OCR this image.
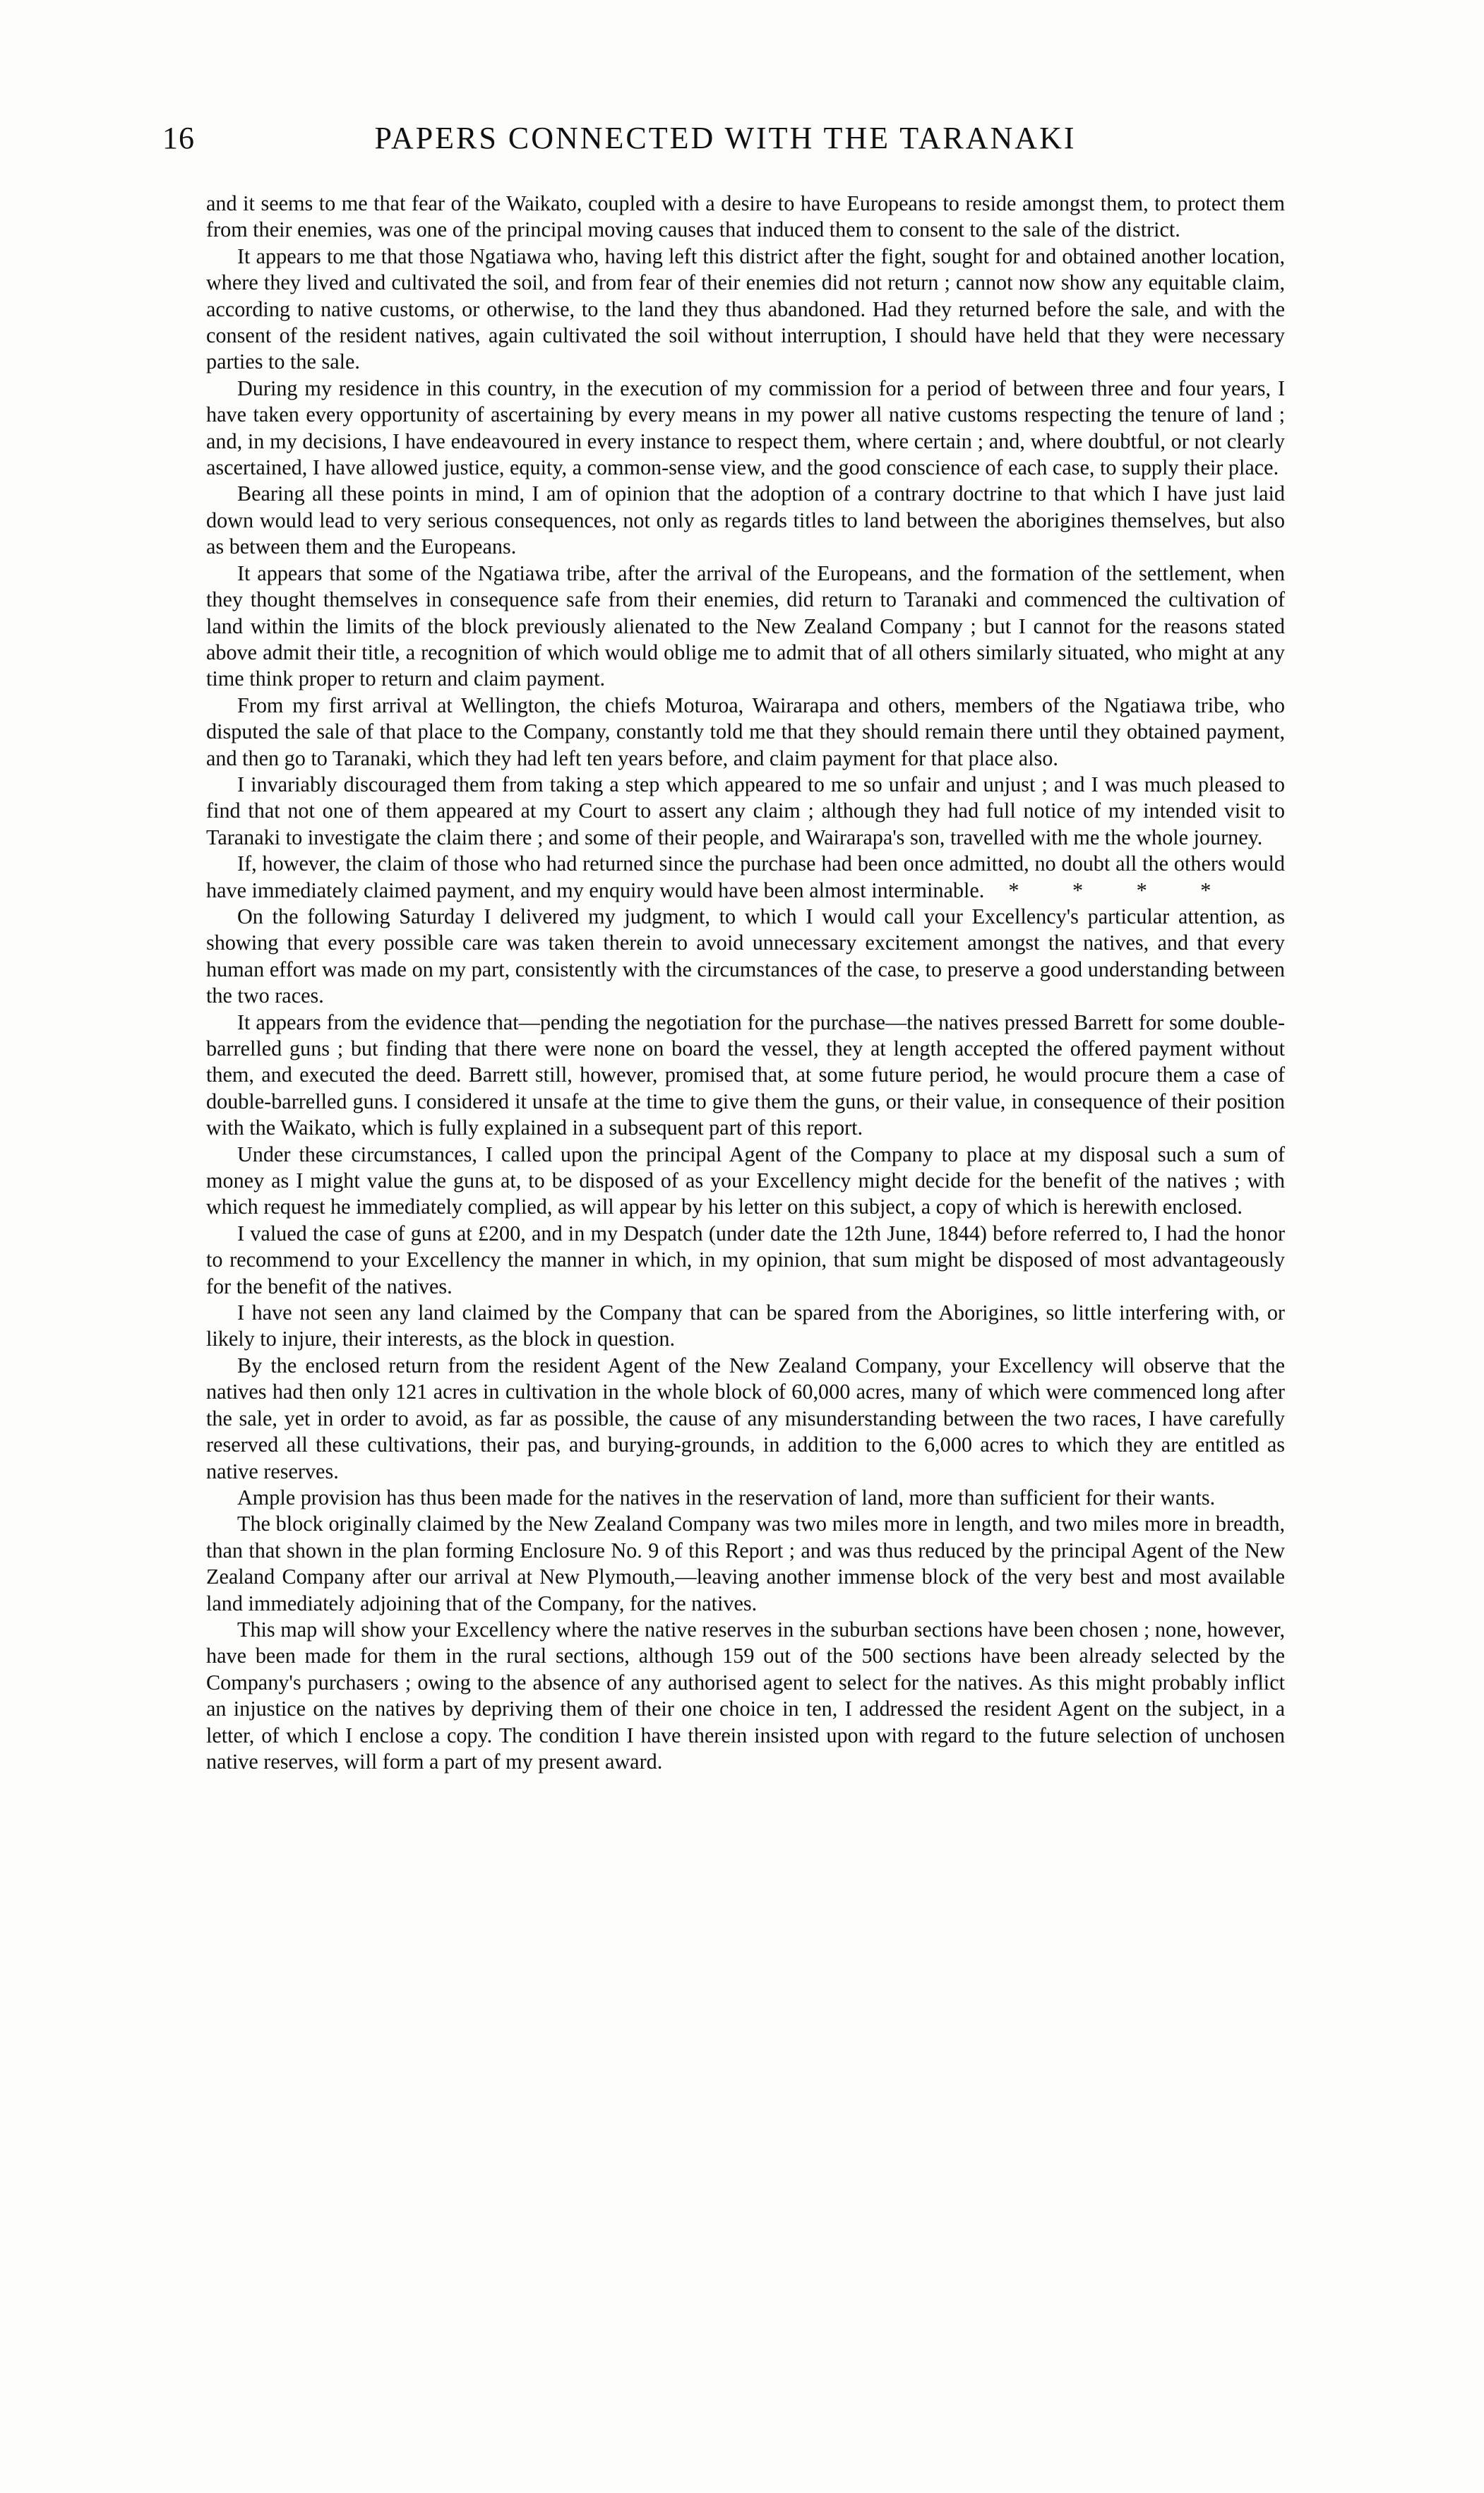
16	PAPERS CONNECTED WITH THE TARANAKI

and it seems to me that fear of the Waikato, coupled with a desire to have Europeans to reside amongst them, to protect them from their enemies, was one of the principal moving causes that induced them to consent to the sale of the district.

It appears to me that those Ngatiawa who, having left this district after the fight, sought for and obtained another location, where they lived and cultivated the soil, and from fear of their enemies did not return ; cannot now show any equitable claim, according to native customs, or otherwise, to the land they thus abandoned. Had they returned before the sale, and with the consent of the resident natives, again cultivated the soil without interruption, I should have held that they were necessary parties to the sale.

During my residence in this country, in the execution of my commission for a period of between three and four years, I have taken every opportunity of ascertaining by every means in my power all native customs respecting the tenure of land ; and, in my decisions, I have endeavoured in every instance to respect them, where certain ; and, where doubtful, or not clearly ascertained, I have allowed justice, equity, a common-sense view, and the good conscience of each case, to supply their place.

Bearing all these points in mind, I am of opinion that the adoption of a contrary doctrine to that which I have just laid down would lead to very serious consequences, not only as regards titles to land between the aborigines themselves, but also as between them and the Europeans.

It appears that some of the Ngatiawa tribe, after the arrival of the Europeans, and the formation of the settlement, when they thought themselves in consequence safe from their enemies, did return to Taranaki and commenced the cultivation of land within the limits of the block previously alienated to the New Zealand Company ; but I cannot for the reasons stated above admit their title, a recognition of which would oblige me to admit that of all others similarly situated, who might at any time think proper to return and claim payment.

From my first arrival at Wellington, the chiefs Moturoa, Wairarapa and others, members of the Ngatiawa tribe, who disputed the sale of that place to the Company, constantly told me that they should remain there until they obtained payment, and then go to Taranaki, which they had left ten years before, and claim payment for that place also.

I invariably discouraged them from taking a step which appeared to me so unfair and unjust ; and I was much pleased to find that not one of them appeared at my Court to assert any claim ; although they had full notice of my intended visit to Taranaki to investigate the claim there ; and some of their people, and Wairarapa's son, travelled with me the whole journey.

If, however, the claim of those who had returned since the purchase had been once admitted, no doubt all the others would have immediately claimed payment, and my enquiry would have been almost interminable. * * * *

On the following Saturday I delivered my judgment, to which I would call your Excellency's particular attention, as showing that every possible care was taken therein to avoid unnecessary excitement amongst the natives, and that every human effort was made on my part, consistently with the circumstances of the case, to preserve a good understanding between the two races.

It appears from the evidence that—pending the negotiation for the purchase—the natives pressed Barrett for some double-barrelled guns ; but finding that there were none on board the vessel, they at length accepted the offered payment without them, and executed the deed. Barrett still, however, promised that, at some future period, he would procure them a case of double-barrelled guns. I considered it unsafe at the time to give them the guns, or their value, in consequence of their position with the Waikato, which is fully explained in a subsequent part of this report.

Under these circumstances, I called upon the principal Agent of the Company to place at my disposal such a sum of money as I might value the guns at, to be disposed of as your Excellency might decide for the benefit of the natives ; with which request he immediately complied, as will appear by his letter on this subject, a copy of which is herewith enclosed.

I valued the case of guns at £200, and in my Despatch (under date the 12th June, 1844) before referred to, I had the honor to recommend to your Excellency the manner in which, in my opinion, that sum might be disposed of most advantageously for the benefit of the natives.

I have not seen any land claimed by the Company that can be spared from the Aborigines, so little interfering with, or likely to injure, their interests, as the block in question.

By the enclosed return from the resident Agent of the New Zealand Company, your Excellency will observe that the natives had then only 121 acres in cultivation in the whole block of 60,000 acres, many of which were commenced long after the sale, yet in order to avoid, as far as possible, the cause of any misunderstanding between the two races, I have carefully reserved all these cultivations, their pas, and burying-grounds, in addition to the 6,000 acres to which they are entitled as native reserves.

Ample provision has thus been made for the natives in the reservation of land, more than sufficient for their wants.

The block originally claimed by the New Zealand Company was two miles more in length, and two miles more in breadth, than that shown in the plan forming Enclosure No. 9 of this Report ; and was thus reduced by the principal Agent of the New Zealand Company after our arrival at New Plymouth,—leaving another immense block of the very best and most available land immediately adjoining that of the Company, for the natives.

This map will show your Excellency where the native reserves in the suburban sections have been chosen ; none, however, have been made for them in the rural sections, although 159 out of the 500 sections have been already selected by the Company's purchasers ; owing to the absence of any authorised agent to select for the natives. As this might probably inflict an injustice on the natives by depriving them of their one choice in ten, I addressed the resident Agent on the subject, in a letter, of which I enclose a copy. The condition I have therein insisted upon with regard to the future selection of unchosen native reserves, will form a part of my present award.
